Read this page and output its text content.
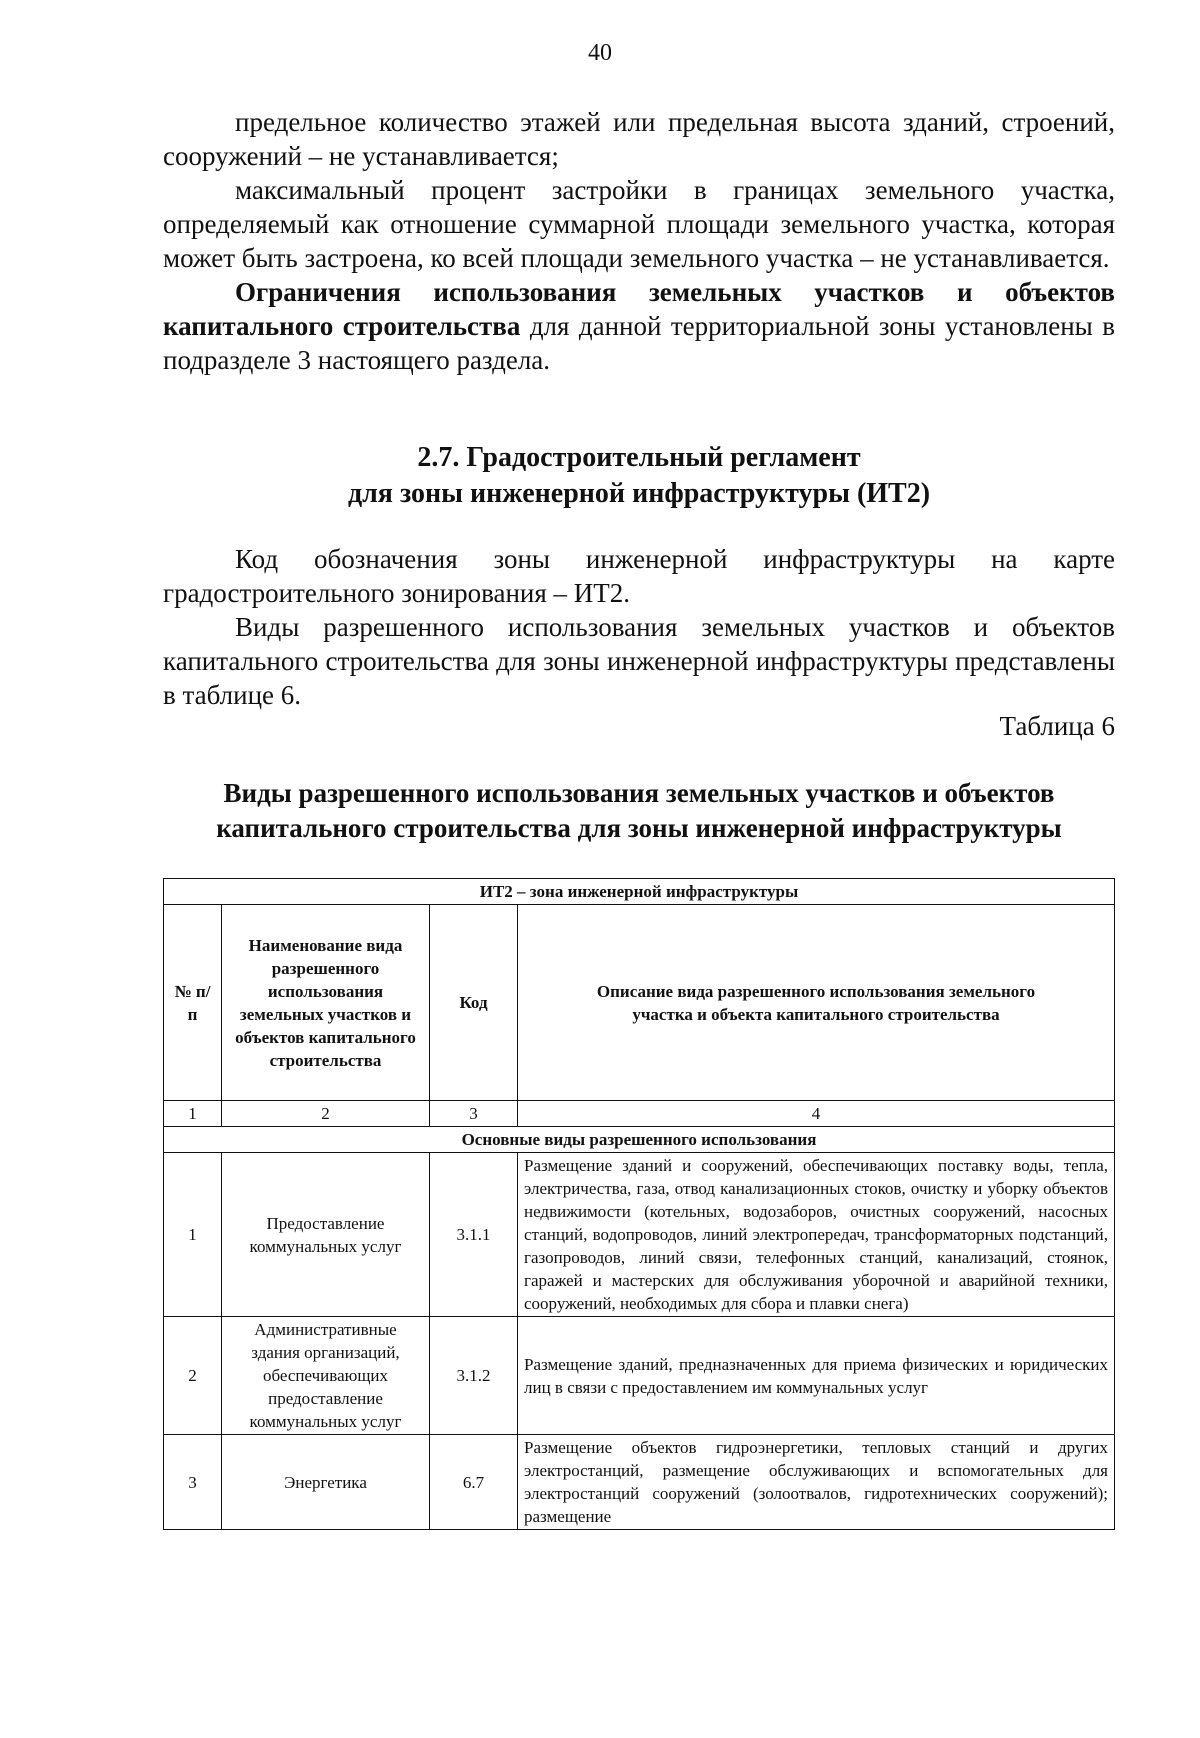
40

предельное количество этажей или предельная высота зданий, строений, сооружений – не устанавливается;

максимальный процент застройки в границах земельного участка, определяемый как отношение суммарной площади земельного участка, которая может быть застроена, ко всей площади земельного участка – не устанавливается.

Ограничения использования земельных участков и объектов капитального строительства для данной территориальной зоны установлены в подразделе 3 настоящего раздела.

2.7. Градостроительный регламент
для зоны инженерной инфраструктуры (ИТ2)

Код обозначения зоны инженерной инфраструктуры на карте градостроительного зонирования – ИТ2.

Виды разрешенного использования земельных участков и объектов капитального строительства для зоны инженерной инфраструктуры представлены в таблице 6.

Таблица 6
Виды разрешенного использования земельных участков и объектов
капитального строительства для зоны инженерной инфраструктуры
ИТ2 – зона инженерной инфраструктуры			
№ п/п	Наименование вида разрешенного использования земельных участков и объектов капитального строительства	Код	Описание вида разрешенного использования земельного участка и объекта капитального строительства
1	2	3	4
Основные виды разрешенного использования			
1	Предоставление коммунальных услуг	3.1.1	Размещение зданий и сооружений, обеспечивающих поставку воды, тепла, электричества, газа, отвод канализационных стоков, очистку и уборку объектов недвижимости (котельных, водозаборов, очистных сооружений, насосных станций, водопроводов, линий электропередач, трансформаторных подстанций, газопроводов, линий связи, телефонных станций, канализаций, стоянок, гаражей и мастерских для обслуживания уборочной и аварийной техники, сооружений, необходимых для сбора и плавки снега)
2	Административные здания организаций, обеспечивающих предоставление коммунальных услуг	3.1.2	Размещение зданий, предназначенных для приема физических и юридических лиц в связи с предоставлением им коммунальных услуг
3	Энергетика	6.7	Размещение объектов гидроэнергетики, тепловых станций и других электростанций, размещение обслуживающих и вспомогательных для электростанций сооружений (золоотвалов, гидротехнических сооружений); размещение
